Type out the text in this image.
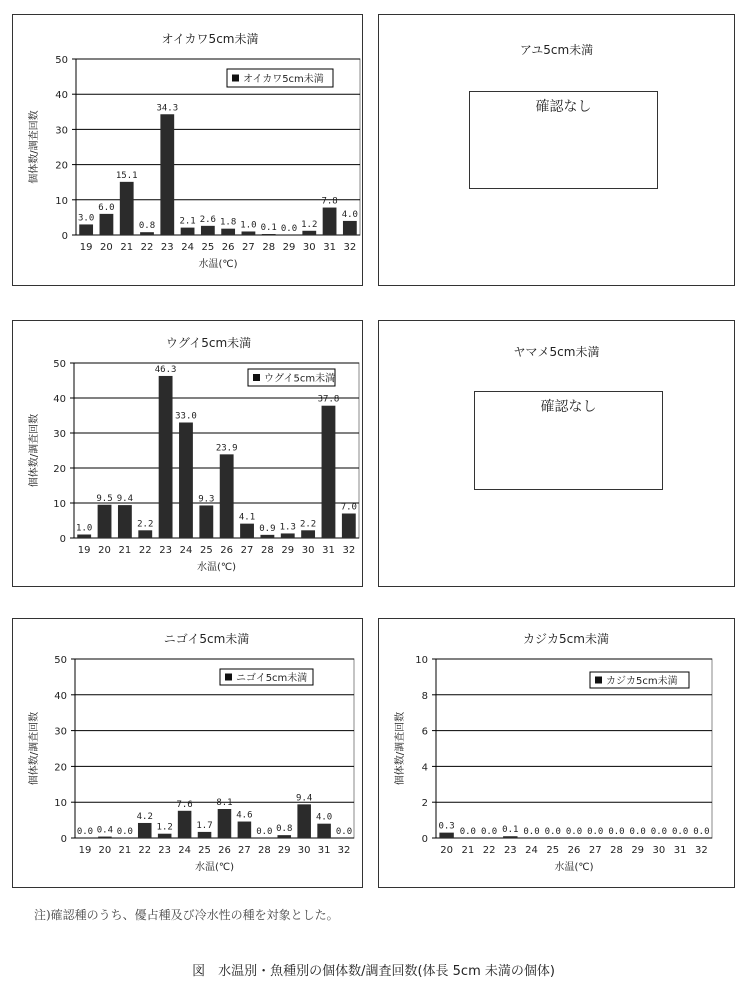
オイカワ5cm未満
0
10
20
30
40
50
3.0
19
6.0
20
15.1
21
0.8
22
34.3
23
2.1
24
2.6
25
1.8
26
1.0
27
0.1
28
0.0
29
1.2
30
7.8
31
4.0
32
水温(℃)
個体数/調査回数
オイカワ5cm未満
ウグイ5cm未満
0
10
20
30
40
50
1.0
19
9.5
20
9.4
21
2.2
22
46.3
23
33.0
24
9.3
25
23.9
26
4.1
27
0.9
28
1.3
29
2.2
30
37.8
31
7.0
32
水温(℃)
個体数/調査回数
ウグイ5cm未満
ニゴイ5cm未満
0
10
20
30
40
50
0.0
19
0.4
20
0.0
21
4.2
22
1.2
23
7.6
24
1.7
25
8.1
26
4.6
27
0.0
28
0.8
29
9.4
30
4.0
31
0.0
32
水温(℃)
個体数/調査回数
ニゴイ5cm未満
カジカ5cm未満
0
2
4
6
8
10
0.3
20
0.0
21
0.0
22
0.1
23
0.0
24
0.0
25
0.0
26
0.0
27
0.0
28
0.0
29
0.0
30
0.0
31
0.0
32
水温(℃)
個体数/調査回数
カジカ5cm未満
アユ5cm未満
確認なし
ヤマメ5cm未満
確認なし
注)確認種のうち、優占種及び冷水性の種を対象とした。
図　水温別・魚種別の個体数/調査回数(体長 5cm 未満の個体)
